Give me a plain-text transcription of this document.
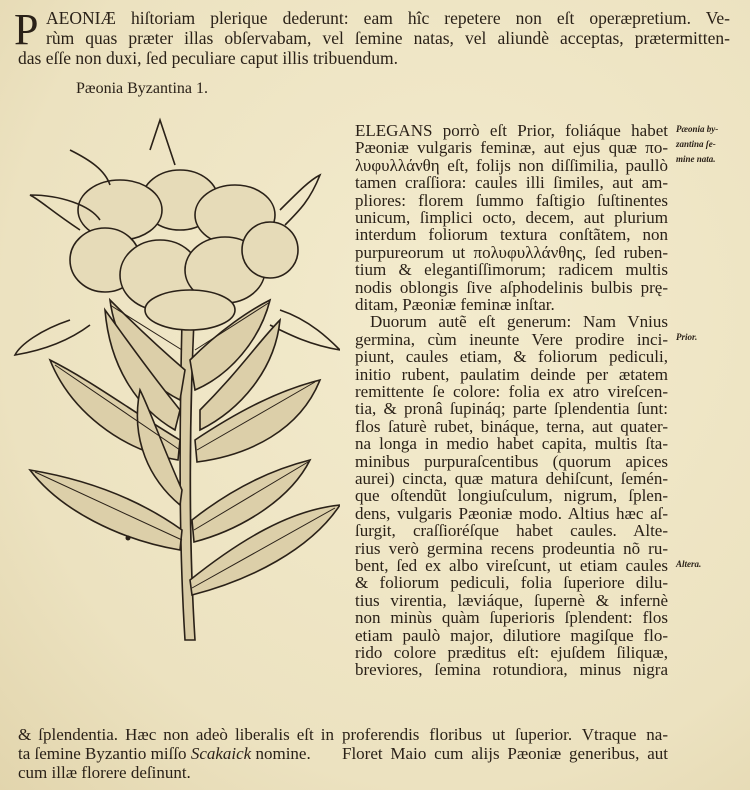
P AEONIÆ hiſtoriam plerique dederunt: eam hîc repetere non eſt operæpretium. Ve-
rùm quas præter illas obſervabam, vel ſemine natas, vel aliundè acceptas, prætermitten-
das eſſe non duxi, ſed peculiare caput illis tribuendum.
Pæonia Byzantina 1.
ELEGANS porrò eſt Prior, foliáque habet
Pæoniæ vulgaris feminæ, aut ejus quæ πο-
λυφυλλάνθη eſt, folijs non diſſimilia, paullò
tamen craſſiora: caules illi ſimiles, aut am-
pliores: florem ſummo faſtigio ſuſtinentes
unicum, ſimplici octo, decem, aut plurium
interdum foliorum textura conſtãtem, non
purpureorum ut πολυφυλλάνθης, ſed ruben-
tium & elegantiſſimorum; radicem multis
nodis oblongis ſive aſphodelinis bulbis prę-
ditam, Pæoniæ feminæ inſtar.
Duorum autẽ eſt generum: Nam Vnius
germina, cùm ineunte Vere prodire inci-
piunt, caules etiam, & foliorum pediculi,
initio rubent, paulatim deinde per ætatem
remittente ſe colore: folia ex atro vireſcen-
tia, & pronâ ſupináq; parte ſplendentia ſunt:
flos ſaturè rubet, bináque, terna, aut quater-
na longa in medio habet capita, multis ſta-
minibus purpuraſcentibus (quorum apices
aurei) cincta, quæ matura dehiſcunt, ſemén-
que oſtendũt longiuſculum, nigrum, ſplen-
dens, vulgaris Pæoniæ modo. Altius hæc aſ-
ſurgit, craſſioréſque habet caules. Alte-
rius verò germina recens prodeuntia nõ ru-
bent, ſed ex albo vireſcunt, ut etiam caules
& foliorum pediculi, folia ſuperiore dilu-
tius virentia, læviáque, ſupernè & infernè
non minùs quàm ſuperioris ſplendent: flos
etiam paulò major, dilutiore magiſque flo-
rido colore præditus eſt: ejuſdem ſiliquæ,
breviores, ſemina rotundiora, minus nigra
proferendis floribus ut ſuperior. Vtraque na-
Floret Maio cum alijs Pæoniæ generibus, aut
& ſplendentia. Hæc non adeò liberalis eſt in
ta ſemine Byzantio miſſo Scakaick nomine.
cum illæ florere deſinunt.
Pæonia by-
zantina ſe-
mine nata.
Prior.
Altera.
